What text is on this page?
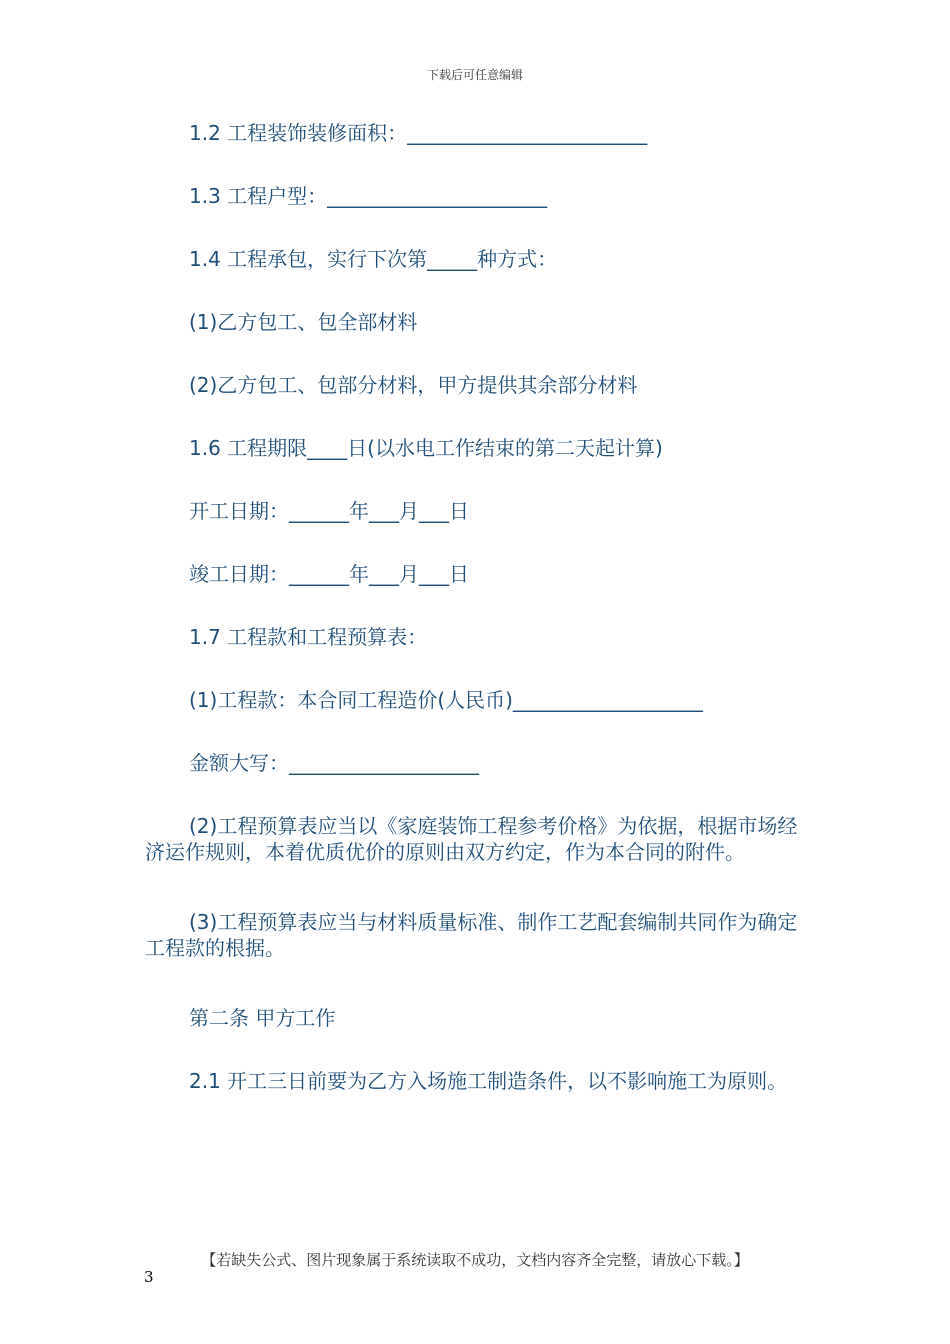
下载后可任意编辑

1.2 工程装饰装修面积：________________________

1.3 工程户型：______________________

1.4 工程承包，实行下次第_____种方式：

(1)乙方包工、包全部材料

(2)乙方包工、包部分材料，甲方提供其余部分材料

1.6 工程期限____日(以水电工作结束的第二天起计算)

开工日期：______年___月___日

竣工日期：______年___月___日

1.7 工程款和工程预算表：

(1)工程款：本合同工程造价(人民币)___________________

金额大写：___________________

(2)工程预算表应当以《家庭装饰工程参考价格》为依据，根据市场经济运作规则，本着优质优价的原则由双方约定，作为本合同的附件。

(3)工程预算表应当与材料质量标准、制作工艺配套编制共同作为确定工程款的根据。

第二条 甲方工作

2.1 开工三日前要为乙方入场施工制造条件，以不影响施工为原则。

【若缺失公式、图片现象属于系统读取不成功，文档内容齐全完整，请放心下载。】
3
